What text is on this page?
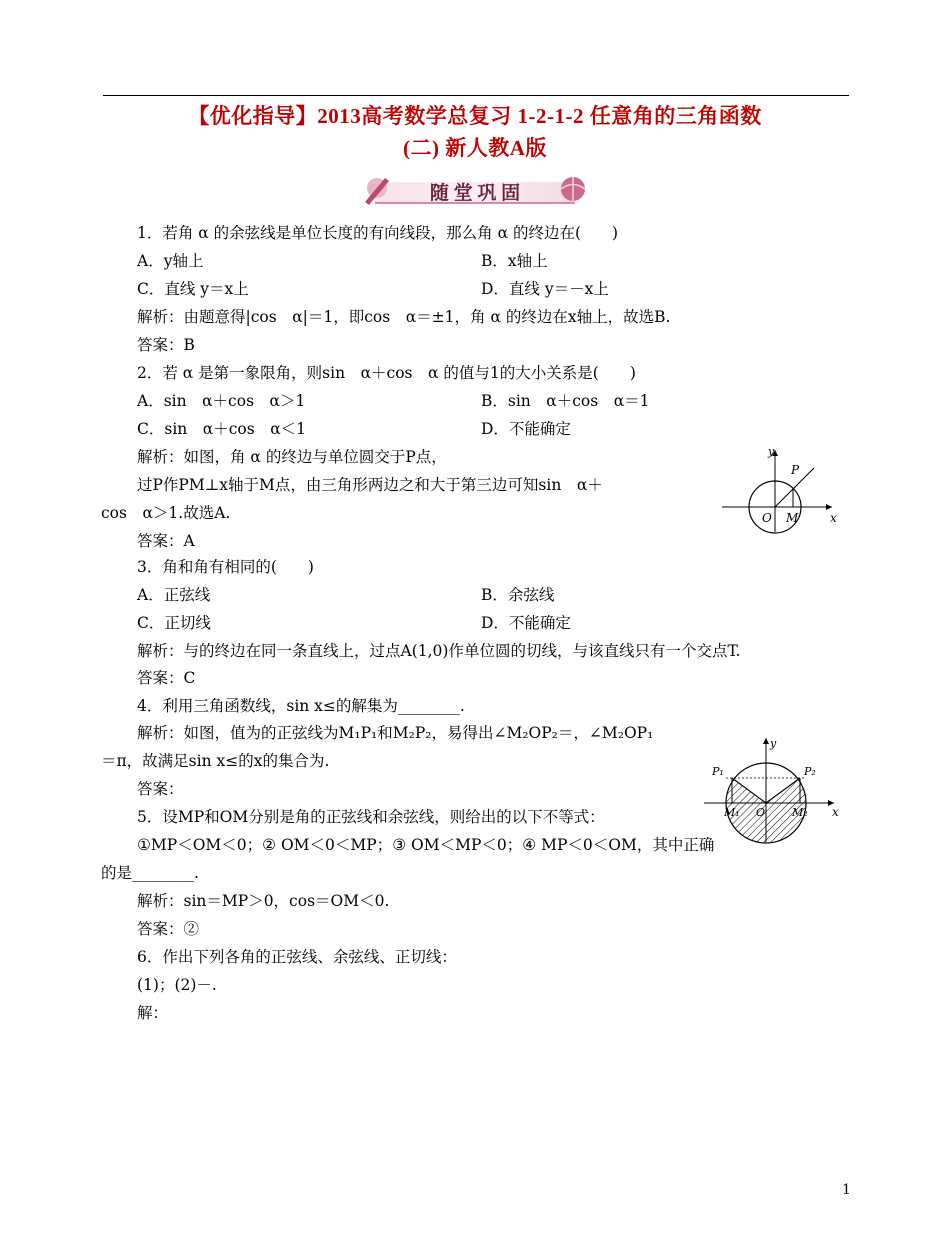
【优化指导】2013高考数学总复习 1-2-1-2 任意角的三角函数
(二) 新人教A版
随 堂 巩 固
1．若角 α 的余弦线是单位长度的有向线段，那么角 α 的终边在(　　)
A．y轴上	B．x轴上
C．直线 y＝x上	D．直线 y＝－x上
解析：由题意得|cos　α|＝1，即cos　α＝±1，角 α 的终边在x轴上，故选B.
答案：B
2．若 α 是第一象限角，则sin　α＋cos　α 的值与1的大小关系是(　　)
A．sin　α＋cos　α＞1	B．sin　α＋cos　α＝1
C．sin　α＋cos　α＜1	D．不能确定
解析：如图，角 α 的终边与单位圆交于P点，
过P作PM⊥x轴于M点，由三角形两边之和大于第三边可知sin　α＋
cos　α＞1.故选A.
答案：A
y
x
O M
P
3．角和角有相同的(　　)
A．正弦线	B．余弦线
C．正切线	D．不能确定
解析：与的终边在同一条直线上，过点A(1,0)作单位圆的切线，与该直线只有一个交点T.
答案：C
4．利用三角函数线，sin x≤的解集为________.
解析：如图，值为的正弦线为M₁P₁和M₂P₂，易得出∠M₂OP₂＝，∠M₂OP₁
＝π，故满足sin x≤的x的集合为.
答案：
y
x
O
P₁	P₂
M₁	M₂
5．设MP和OM分别是角的正弦线和余弦线，则给出的以下不等式：
①MP＜OM＜0；② OM＜0＜MP；③ OM＜MP＜0；④ MP＜0＜OM，其中正确
的是________.
解析：sin＝MP＞0，cos＝OM＜0.
答案：②
6．作出下列各角的正弦线、余弦线、正切线：
(1)；(2)－.
解：
1
